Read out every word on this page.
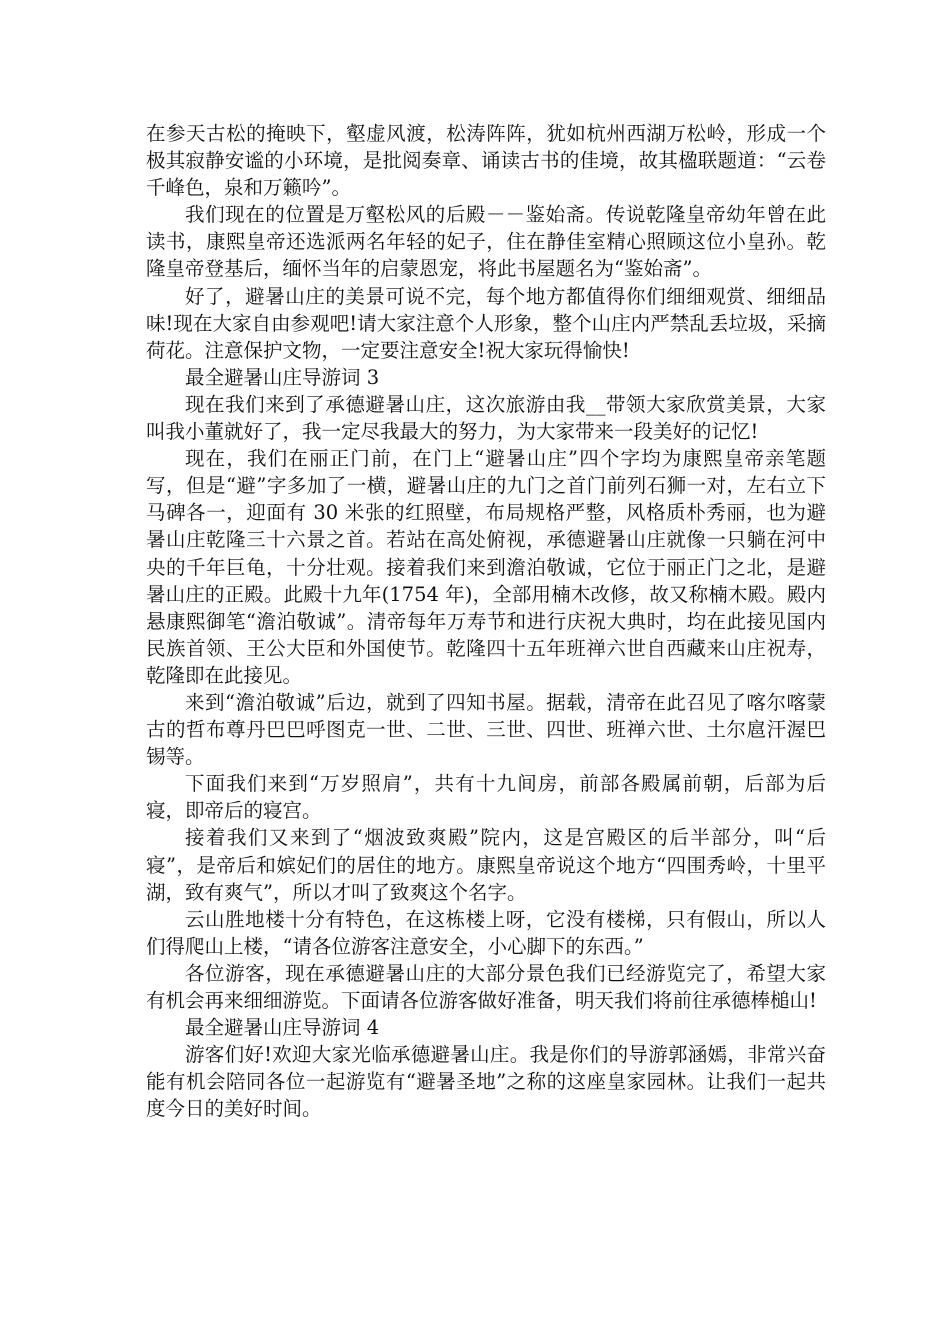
在参天古松的掩映下，壑虚风渡，松涛阵阵，犹如杭州西湖万松岭，形成一个极其寂静安谧的小环境，是批阅奏章、诵读古书的佳境，故其楹联题道：“云卷千峰色，泉和万籁吟”。

我们现在的位置是万壑松风的后殿－－鉴始斋。传说乾隆皇帝幼年曾在此读书，康熙皇帝还选派两名年轻的妃子，住在静佳室精心照顾这位小皇孙。乾隆皇帝登基后，缅怀当年的启蒙恩宠，将此书屋题名为“鉴始斋”。

好了，避暑山庄的美景可说不完，每个地方都值得你们细细观赏、细细品味!现在大家自由参观吧!请大家注意个人形象，整个山庄内严禁乱丢垃圾，采摘荷花。注意保护文物，一定要注意安全!祝大家玩得愉快!

最全避暑山庄导游词 3

现在我们来到了承德避暑山庄，这次旅游由我__带领大家欣赏美景，大家叫我小董就好了，我一定尽我最大的努力，为大家带来一段美好的记忆!

现在，我们在丽正门前，在门上“避暑山庄”四个字均为康熙皇帝亲笔题写，但是“避”字多加了一横，避暑山庄的九门之首门前列石狮一对，左右立下马碑各一，迎面有 30 米张的红照壁，布局规格严整，风格质朴秀丽，也为避暑山庄乾隆三十六景之首。若站在高处俯视，承德避暑山庄就像一只躺在河中央的千年巨龟，十分壮观。接着我们来到澹泊敬诚，它位于丽正门之北，是避暑山庄的正殿。此殿十九年(1754 年)，全部用楠木改修，故又称楠木殿。殿内悬康熙御笔“澹泊敬诚”。清帝每年万寿节和进行庆祝大典时，均在此接见国内民族首领、王公大臣和外国使节。乾隆四十五年班禅六世自西藏来山庄祝寿，乾隆即在此接见。

来到“澹泊敬诚”后边，就到了四知书屋。据载，清帝在此召见了喀尔喀蒙古的哲布尊丹巴巴呼图克一世、二世、三世、四世、班禅六世、土尔扈汗渥巴锡等。

下面我们来到“万岁照肩”，共有十九间房，前部各殿属前朝，后部为后寝，即帝后的寝宫。

接着我们又来到了“烟波致爽殿”院内，这是宫殿区的后半部分，叫“后寝”，是帝后和嫔妃们的居住的地方。康熙皇帝说这个地方“四围秀岭，十里平湖，致有爽气”，所以才叫了致爽这个名字。

云山胜地楼十分有特色，在这栋楼上呀，它没有楼梯，只有假山，所以人们得爬山上楼，“请各位游客注意安全，小心脚下的东西。”

各位游客，现在承德避暑山庄的大部分景色我们已经游览完了，希望大家有机会再来细细游览。下面请各位游客做好准备，明天我们将前往承德棒槌山!

最全避暑山庄导游词 4

游客们好!欢迎大家光临承德避暑山庄。我是你们的导游郭涵嫣，非常兴奋能有机会陪同各位一起游览有“避暑圣地”之称的这座皇家园林。让我们一起共度今日的美好时间。
